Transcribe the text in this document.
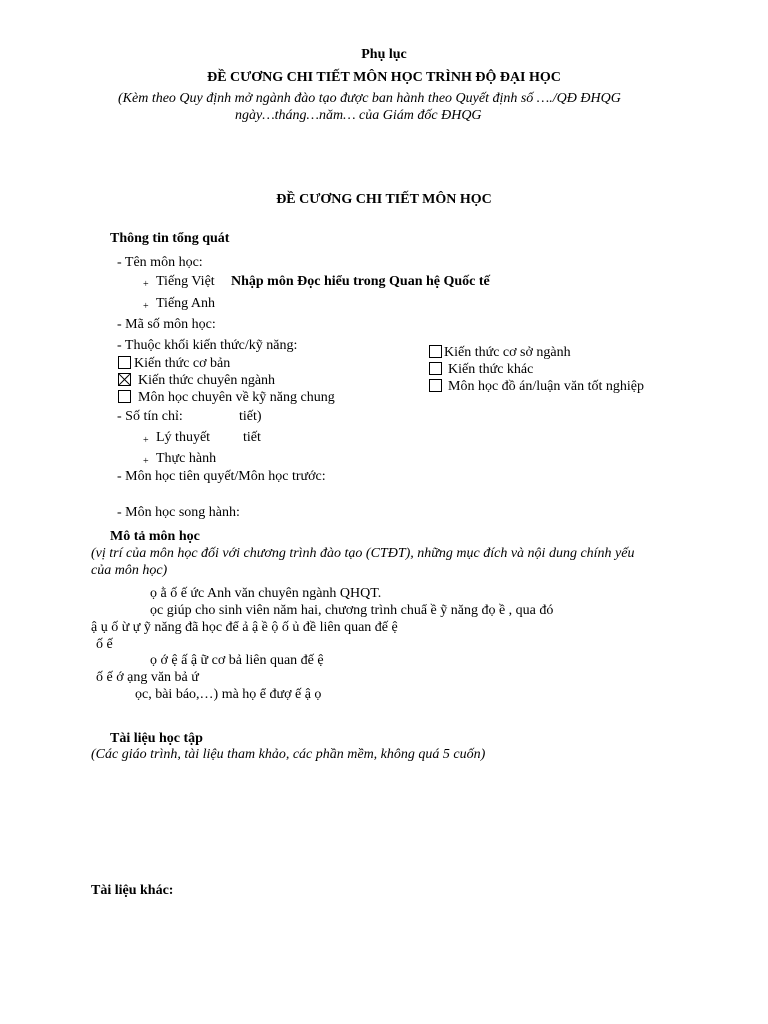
Phụ lục
ĐỀ CƯƠNG CHI TIẾT MÔN HỌC TRÌNH ĐỘ ĐẠI HỌC
(Kèm theo Quy định mở ngành đào tạo được ban hành theo Quyết định số …./QĐ ĐHQG
ngày…tháng…năm… của Giám đốc ĐHQG
ĐỀ CƯƠNG CHI TIẾT MÔN HỌC
Thông tin tổng quát
- Tên môn học:
+ Tiếng Việt Nhập môn Đọc hiểu trong Quan hệ Quốc tế
+ Tiếng Anh
- Mã số môn học:
- Thuộc khối kiến thức/kỹ năng:
Kiến thức cơ bản
Kiến thức chuyên ngành
Môn học chuyên về kỹ năng chung
Kiến thức cơ sở ngành
Kiến thức khác
Môn học đồ án/luận văn tốt nghiệp
- Số tín chỉ:	tiết)
+ Lý thuyết tiết
+ Thực hành
- Môn học tiên quyết/Môn học trước:
- Môn học song hành:
Mô tả môn học
(vị trí của môn học đối với chương trình đào tạo (CTĐT), những mục đích và nội dung chính yếu
của môn học)
ọ ằ ố ế ức Anh văn chuyên ngành QHQT.
ọc giúp cho sinh viên năm hai, chương trình chuẩ ề ỹ năng đọ ề , qua đó
ậ ụ ố ừ ự ỹ năng đã học để ả ậ ề ộ ố ủ đề liên quan đế ệ
ố ế
ọ ớ ệ ấ ậ ữ cơ bả liên quan đế ệ
ố ế ớ ạng văn bả ứ
ọc, bài báo,…) mà họ ể đượ ế ậ ọ
Tài liệu học tập
(Các giáo trình, tài liệu tham khảo, các phần mềm, không quá 5 cuốn)
Tài liệu khác:
